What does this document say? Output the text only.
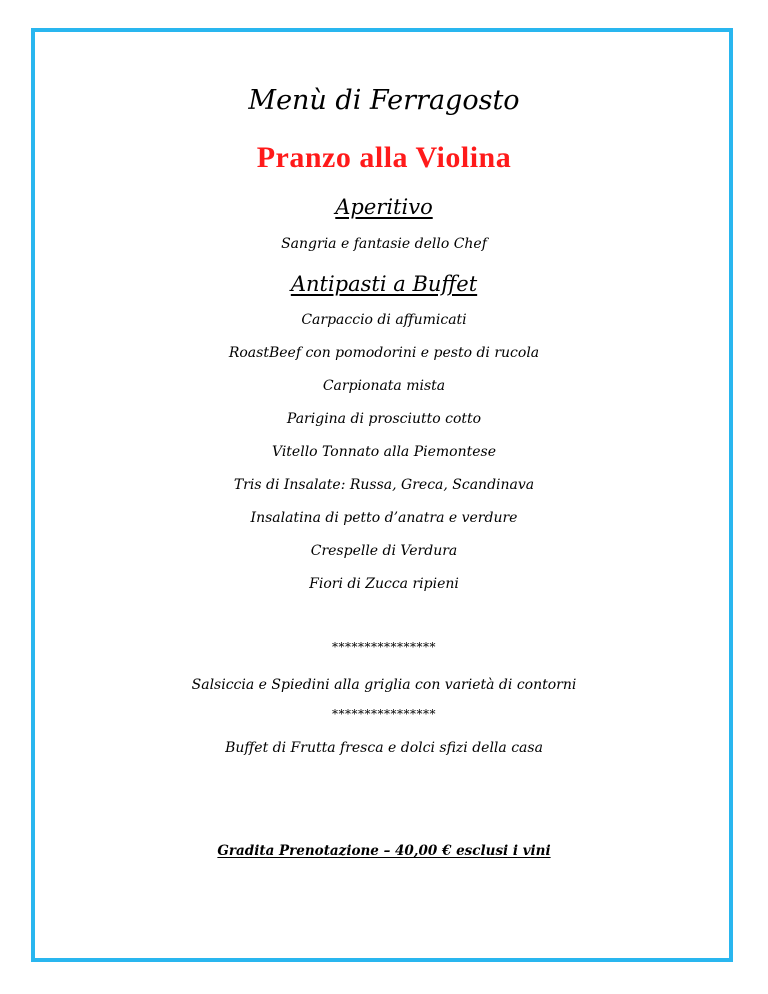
Menù di Ferragosto
Pranzo alla Violina
Aperitivo
Sangria e fantasie dello Chef
Antipasti a Buffet
Carpaccio di affumicati
RoastBeef con pomodorini e pesto di rucola
Carpionata mista
Parigina di prosciutto cotto
Vitello Tonnato alla Piemontese
Tris di Insalate: Russa, Greca, Scandinava
Insalatina di petto d’anatra e verdure
Crespelle di Verdura
Fiori di Zucca ripieni
****************
Salsiccia e Spiedini alla griglia con varietà di contorni
****************
Buffet di Frutta fresca e dolci sfizi della casa
Gradita Prenotazione – 40,00 € esclusi i vini
